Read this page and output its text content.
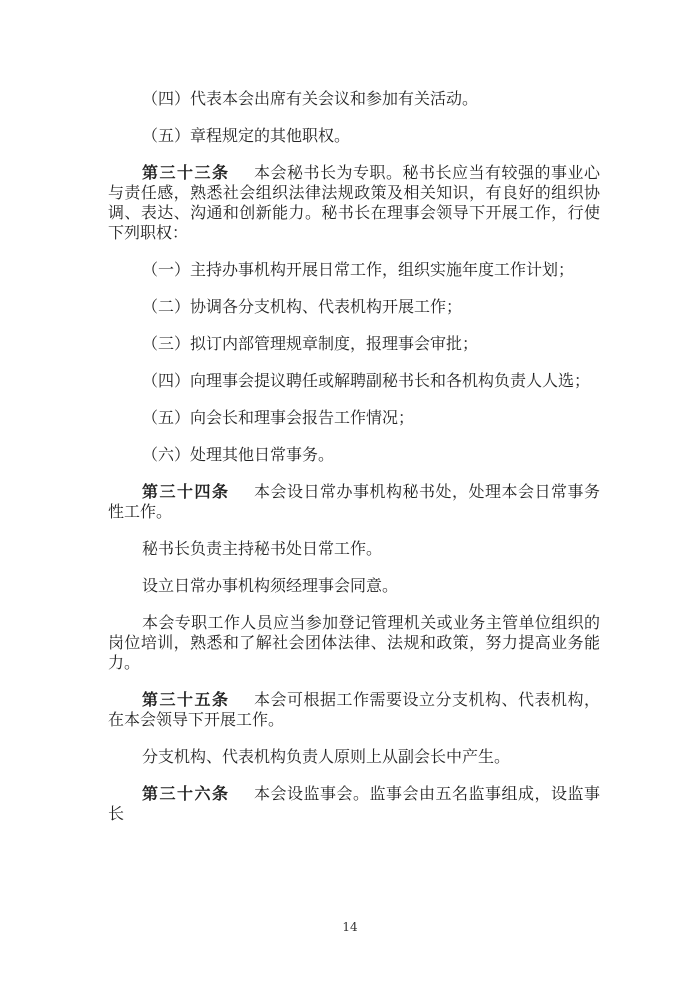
（四）代表本会出席有关会议和参加有关活动。

（五）章程规定的其他职权。

第三十三条 本会秘书长为专职。秘书长应当有较强的事业心与责任感，熟悉社会组织法律法规政策及相关知识，有良好的组织协调、表达、沟通和创新能力。秘书长在理事会领导下开展工作，行使下列职权：

（一）主持办事机构开展日常工作，组织实施年度工作计划；

（二）协调各分支机构、代表机构开展工作；

（三）拟订内部管理规章制度，报理事会审批；

（四）向理事会提议聘任或解聘副秘书长和各机构负责人人选；

（五）向会长和理事会报告工作情况；

（六）处理其他日常事务。

第三十四条 本会设日常办事机构秘书处，处理本会日常事务性工作。

秘书长负责主持秘书处日常工作。

设立日常办事机构须经理事会同意。

本会专职工作人员应当参加登记管理机关或业务主管单位组织的岗位培训，熟悉和了解社会团体法律、法规和政策，努力提高业务能力。

第三十五条 本会可根据工作需要设立分支机构、代表机构，在本会领导下开展工作。

分支机构、代表机构负责人原则上从副会长中产生。

第三十六条 本会设监事会。监事会由五名监事组成，设监事长

14
